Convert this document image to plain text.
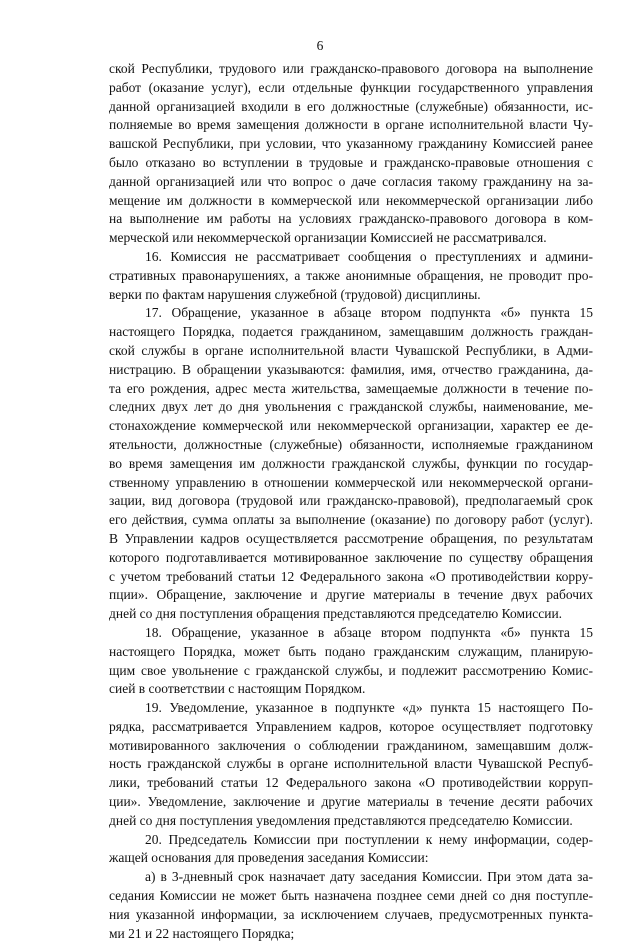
6
ской Республики, трудового или гражданско-правового договора на выполнение
работ (оказание услуг), если отдельные функции государственного управления
данной организацией входили в его должностные (служебные) обязанности, ис-
полняемые во время замещения должности в органе исполнительной власти Чу-
вашской Республики, при условии, что указанному гражданину Комиссией ранее
было отказано во вступлении в трудовые и гражданско-правовые отношения с
данной организацией или что вопрос о даче согласия такому гражданину на за-
мещение им должности в коммерческой или некоммерческой организации либо
на выполнение им работы на условиях гражданско-правового договора в ком-
мерческой или некоммерческой организации Комиссией не рассматривался.
16. Комиссия не рассматривает сообщения о преступлениях и админи-
стративных правонарушениях, а также анонимные обращения, не проводит про-
верки по фактам нарушения служебной (трудовой) дисциплины.
17. Обращение, указанное в абзаце втором подпункта «б» пункта 15
настоящего Порядка, подается гражданином, замещавшим должность граждан-
ской службы в органе исполнительной власти Чувашской Республики, в Адми-
нистрацию. В обращении указываются: фамилия, имя, отчество гражданина, да-
та его рождения, адрес места жительства, замещаемые должности в течение по-
следних двух лет до дня увольнения с гражданской службы, наименование, ме-
стонахождение коммерческой или некоммерческой организации, характер ее де-
ятельности, должностные (служебные) обязанности, исполняемые гражданином
во время замещения им должности гражданской службы, функции по государ-
ственному управлению в отношении коммерческой или некоммерческой органи-
зации, вид договора (трудовой или гражданско-правовой), предполагаемый срок
его действия, сумма оплаты за выполнение (оказание) по договору работ (услуг).
В Управлении кадров осуществляется рассмотрение обращения, по результатам
которого подготавливается мотивированное заключение по существу обращения
с учетом требований статьи 12 Федерального закона «О противодействии корру-
пции». Обращение, заключение и другие материалы в течение двух рабочих
дней со дня поступления обращения представляются председателю Комиссии.
18. Обращение, указанное в абзаце втором подпункта «б» пункта 15
настоящего Порядка, может быть подано гражданским служащим, планирую-
щим свое увольнение с гражданской службы, и подлежит рассмотрению Комис-
сией в соответствии с настоящим Порядком.
19. Уведомление, указанное в подпункте «д» пункта 15 настоящего По-
рядка, рассматривается Управлением кадров, которое осуществляет подготовку
мотивированного заключения о соблюдении гражданином, замещавшим долж-
ность гражданской службы в органе исполнительной власти Чувашской Респуб-
лики, требований статьи 12 Федерального закона «О противодействии корруп-
ции». Уведомление, заключение и другие материалы в течение десяти рабочих
дней со дня поступления уведомления представляются председателю Комиссии.
20. Председатель Комиссии при поступлении к нему информации, содер-
жащей основания для проведения заседания Комиссии:
а) в 3-дневный срок назначает дату заседания Комиссии. При этом дата за-
седания Комиссии не может быть назначена позднее семи дней со дня поступле-
ния указанной информации, за исключением случаев, предусмотренных пункта-
ми 21 и 22 настоящего Порядка;
